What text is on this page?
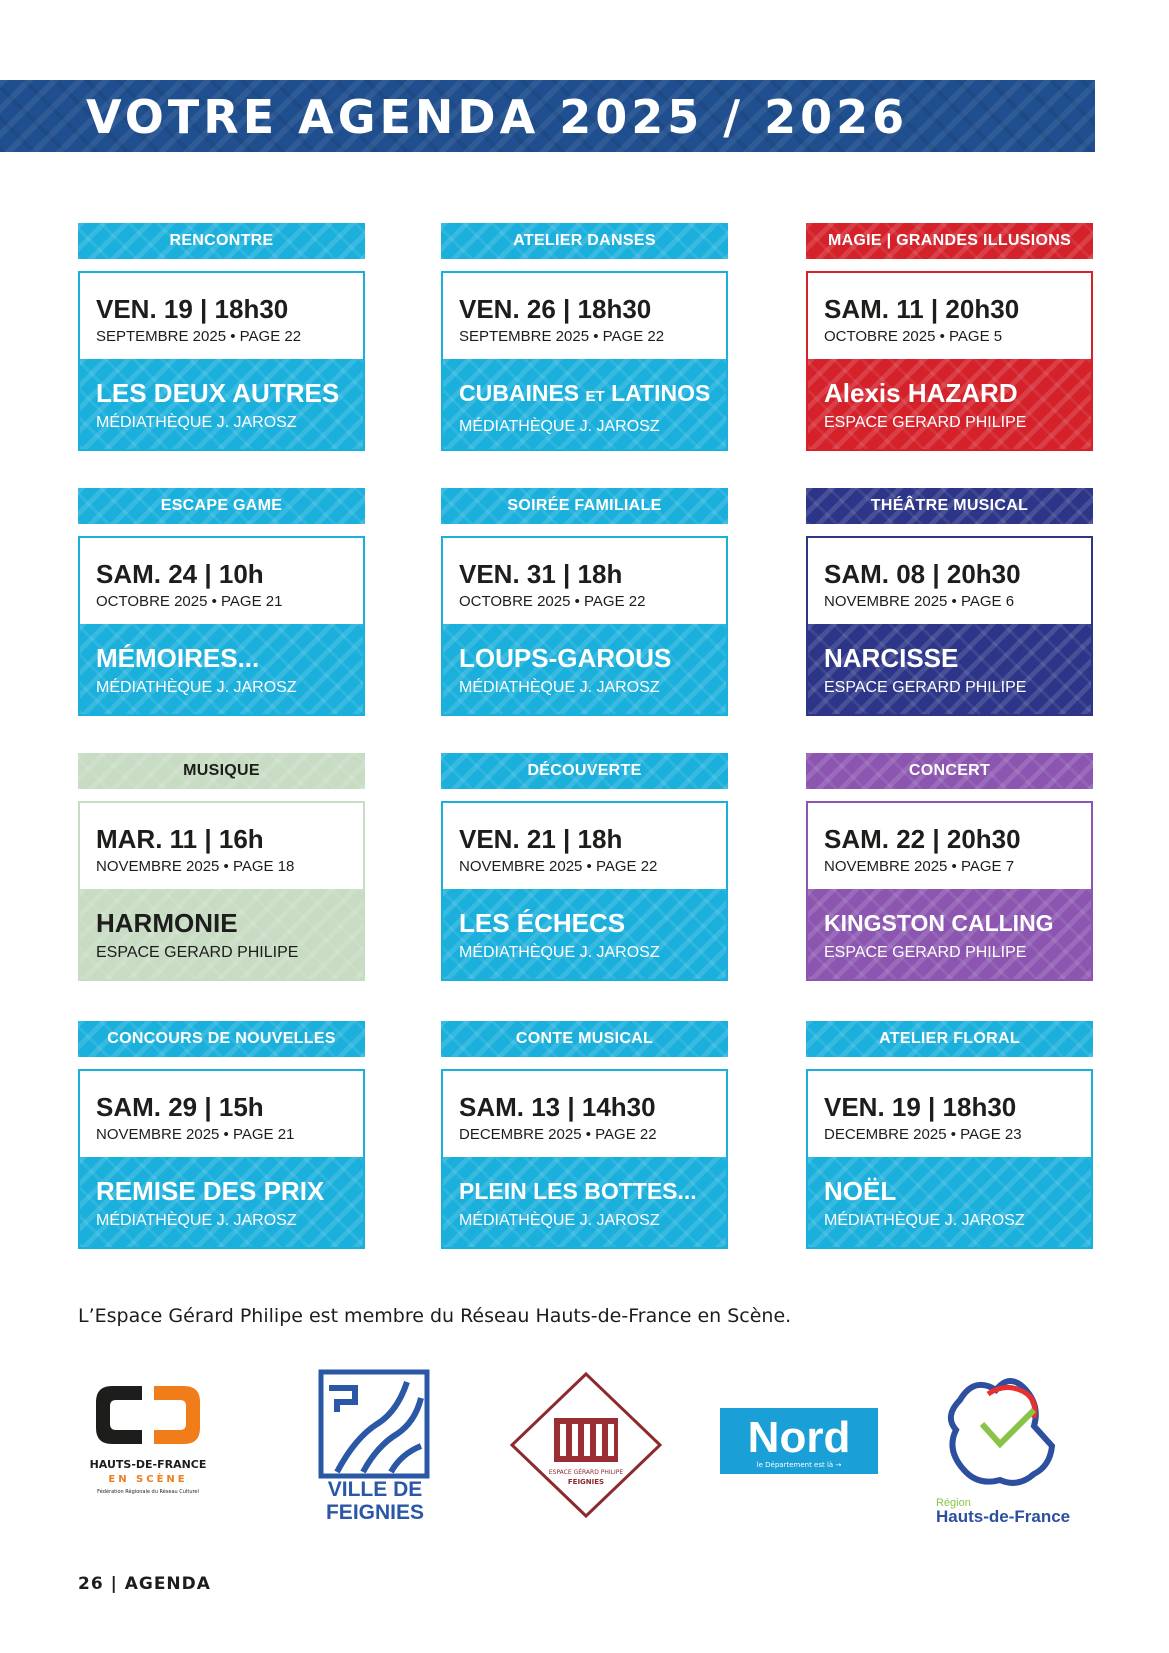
VOTRE AGENDA 2025 / 2026
RENCONTRE
VEN. 19 | 18h30
SEPTEMBRE 2025 • PAGE 22
LES DEUX AUTRES
MÉDIATHÈQUE J. JAROSZ
ATELIER DANSES
VEN. 26 | 18h30
SEPTEMBRE 2025 • PAGE 22
CUBAINES ET LATINOS
MÉDIATHÈQUE J. JAROSZ
MAGIE | GRANDES ILLUSIONS
SAM. 11 | 20h30
OCTOBRE 2025 • PAGE 5
Alexis HAZARD
ESPACE GERARD PHILIPE
ESCAPE GAME
SAM. 24 | 10h
OCTOBRE 2025 • PAGE 21
MÉMOIRES...
MÉDIATHÈQUE J. JAROSZ
SOIRÉE FAMILIALE
VEN. 31 | 18h
OCTOBRE 2025 • PAGE 22
LOUPS-GAROUS
MÉDIATHÈQUE J. JAROSZ
THÉÂTRE MUSICAL
SAM. 08 | 20h30
NOVEMBRE 2025 • PAGE 6
NARCISSE
ESPACE GERARD PHILIPE
MUSIQUE
MAR. 11 | 16h
NOVEMBRE 2025 • PAGE 18
HARMONIE
ESPACE GERARD PHILIPE
DÉCOUVERTE
VEN. 21 | 18h
NOVEMBRE 2025 • PAGE 22
LES ÉCHECS
MÉDIATHÈQUE J. JAROSZ
CONCERT
SAM. 22 | 20h30
NOVEMBRE 2025 • PAGE 7
KINGSTON CALLING
ESPACE GERARD PHILIPE
CONCOURS DE NOUVELLES
SAM. 29 | 15h
NOVEMBRE 2025 • PAGE 21
REMISE DES PRIX
MÉDIATHÈQUE J. JAROSZ
CONTE MUSICAL
SAM. 13 | 14h30
DECEMBRE 2025 • PAGE 22
PLEIN LES BOTTES...
MÉDIATHÈQUE J. JAROSZ
ATELIER FLORAL
VEN. 19 | 18h30
DECEMBRE 2025 • PAGE 23
NOËL
MÉDIATHÈQUE J. JAROSZ
L’Espace Gérard Philipe est membre du Réseau Hauts-de-France en Scène.
HAUTS-DE-FRANCE
EN SCÈNE
Fédération Régionale du Réseau Culturel	VILLE DE
FEIGNIES
ESPACE GÉRARD PHILIPE
FEIGNIES
Nord
le Département est là →
Région
Hauts-de-France
26 | AGENDA
